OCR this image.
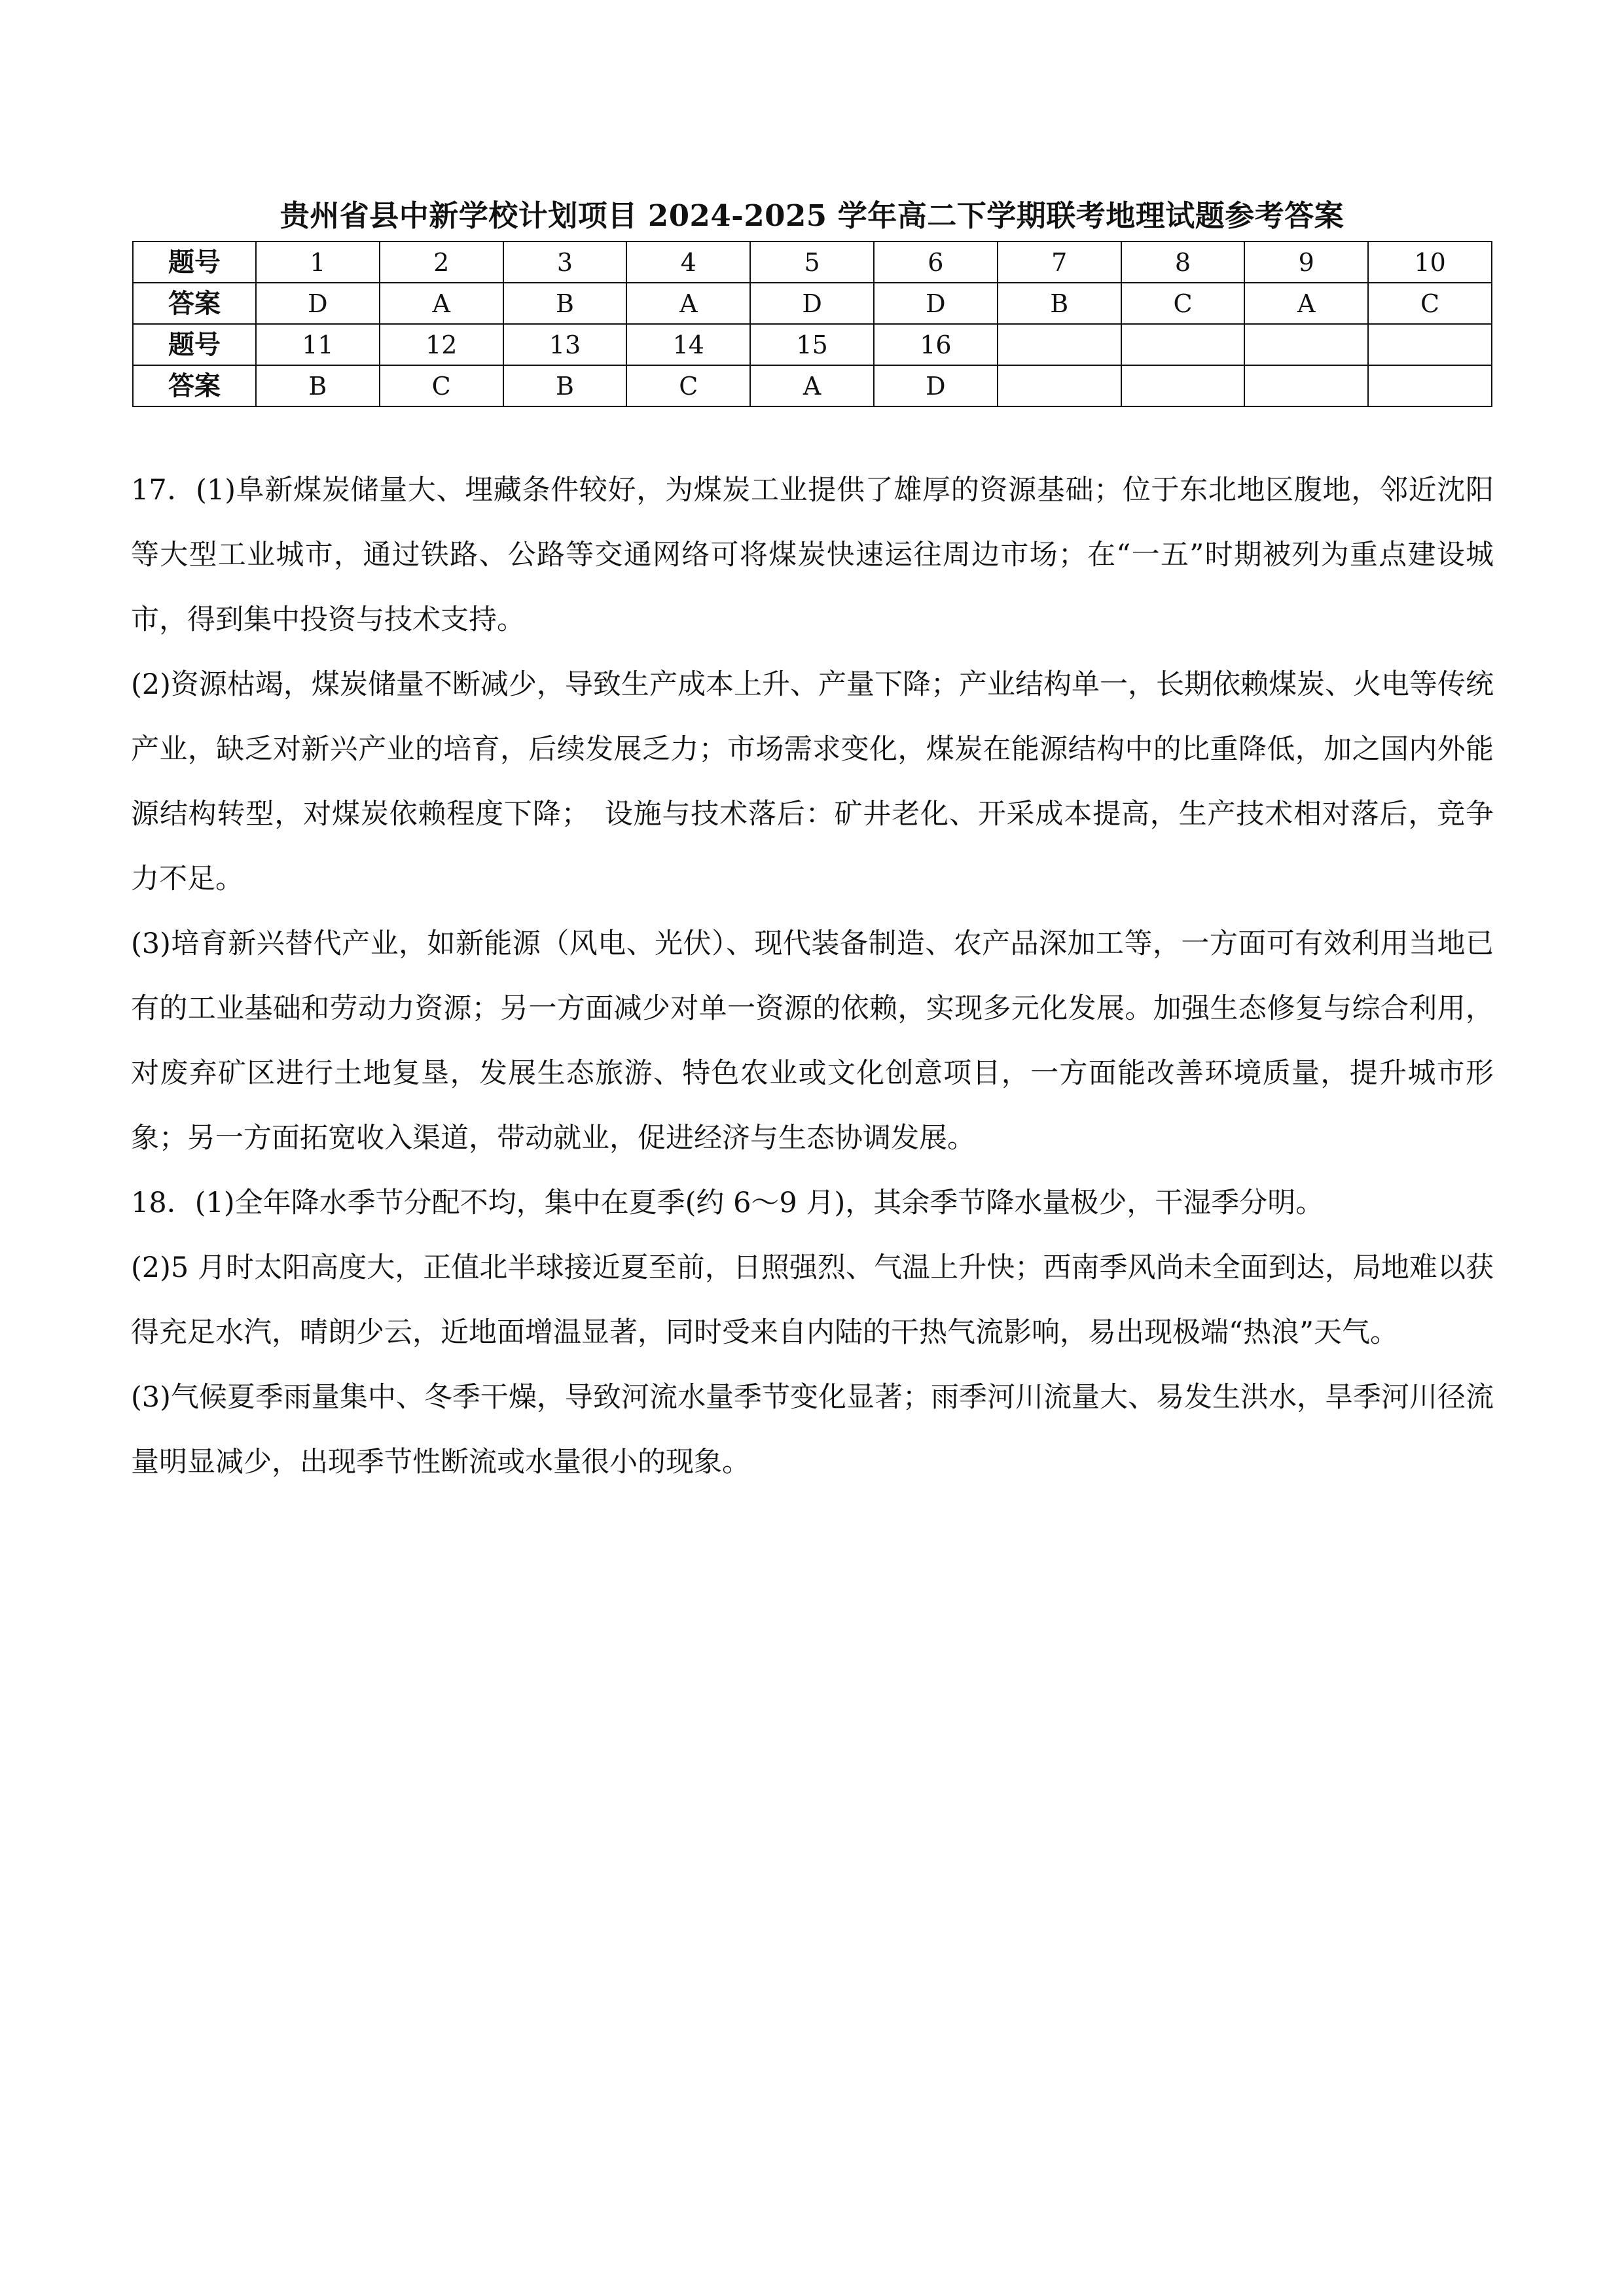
贵州省县中新学校计划项目 2024-2025 学年高二下学期联考地理试题参考答案
题号	1	2	3	4	5	6	7	8	9	10
答案	D	A	B	A	D	D	B	C	A	C
题号	11	12	13	14	15	16				
答案	B	C	B	C	A	D				

17．(1)阜新煤炭储量大、埋藏条件较好，为煤炭工业提供了雄厚的资源基础；位于东北地区腹地，邻近沈阳等大型工业城市，通过铁路、公路等交通网络可将煤炭快速运往周边市场；在“一五”时期被列为重点建设城市，得到集中投资与技术支持。

(2)资源枯竭，煤炭储量不断减少，导致生产成本上升、产量下降；产业结构单一，长期依赖煤炭、火电等传统产业，缺乏对新兴产业的培育，后续发展乏力；市场需求变化，煤炭在能源结构中的比重降低，加之国内外能源结构转型，对煤炭依赖程度下降；　设施与技术落后：矿井老化、开采成本提高，生产技术相对落后，竞争力不足。

(3)培育新兴替代产业，如新能源（风电、光伏）、现代装备制造、农产品深加工等，一方面可有效利用当地已有的工业基础和劳动力资源；另一方面减少对单一资源的依赖，实现多元化发展。加强生态修复与综合利用，对废弃矿区进行土地复垦，发展生态旅游、特色农业或文化创意项目，一方面能改善环境质量，提升城市形象；另一方面拓宽收入渠道，带动就业，促进经济与生态协调发展。

18．(1)全年降水季节分配不均，集中在夏季(约 6～9 月)，其余季节降水量极少，干湿季分明。

(2)5 月时太阳高度大，正值北半球接近夏至前，日照强烈、气温上升快；西南季风尚未全面到达，局地难以获得充足水汽，晴朗少云，近地面增温显著，同时受来自内陆的干热气流影响，易出现极端“热浪”天气。

(3)气候夏季雨量集中、冬季干燥，导致河流水量季节变化显著；雨季河川流量大、易发生洪水，旱季河川径流量明显减少，出现季节性断流或水量很小的现象。
